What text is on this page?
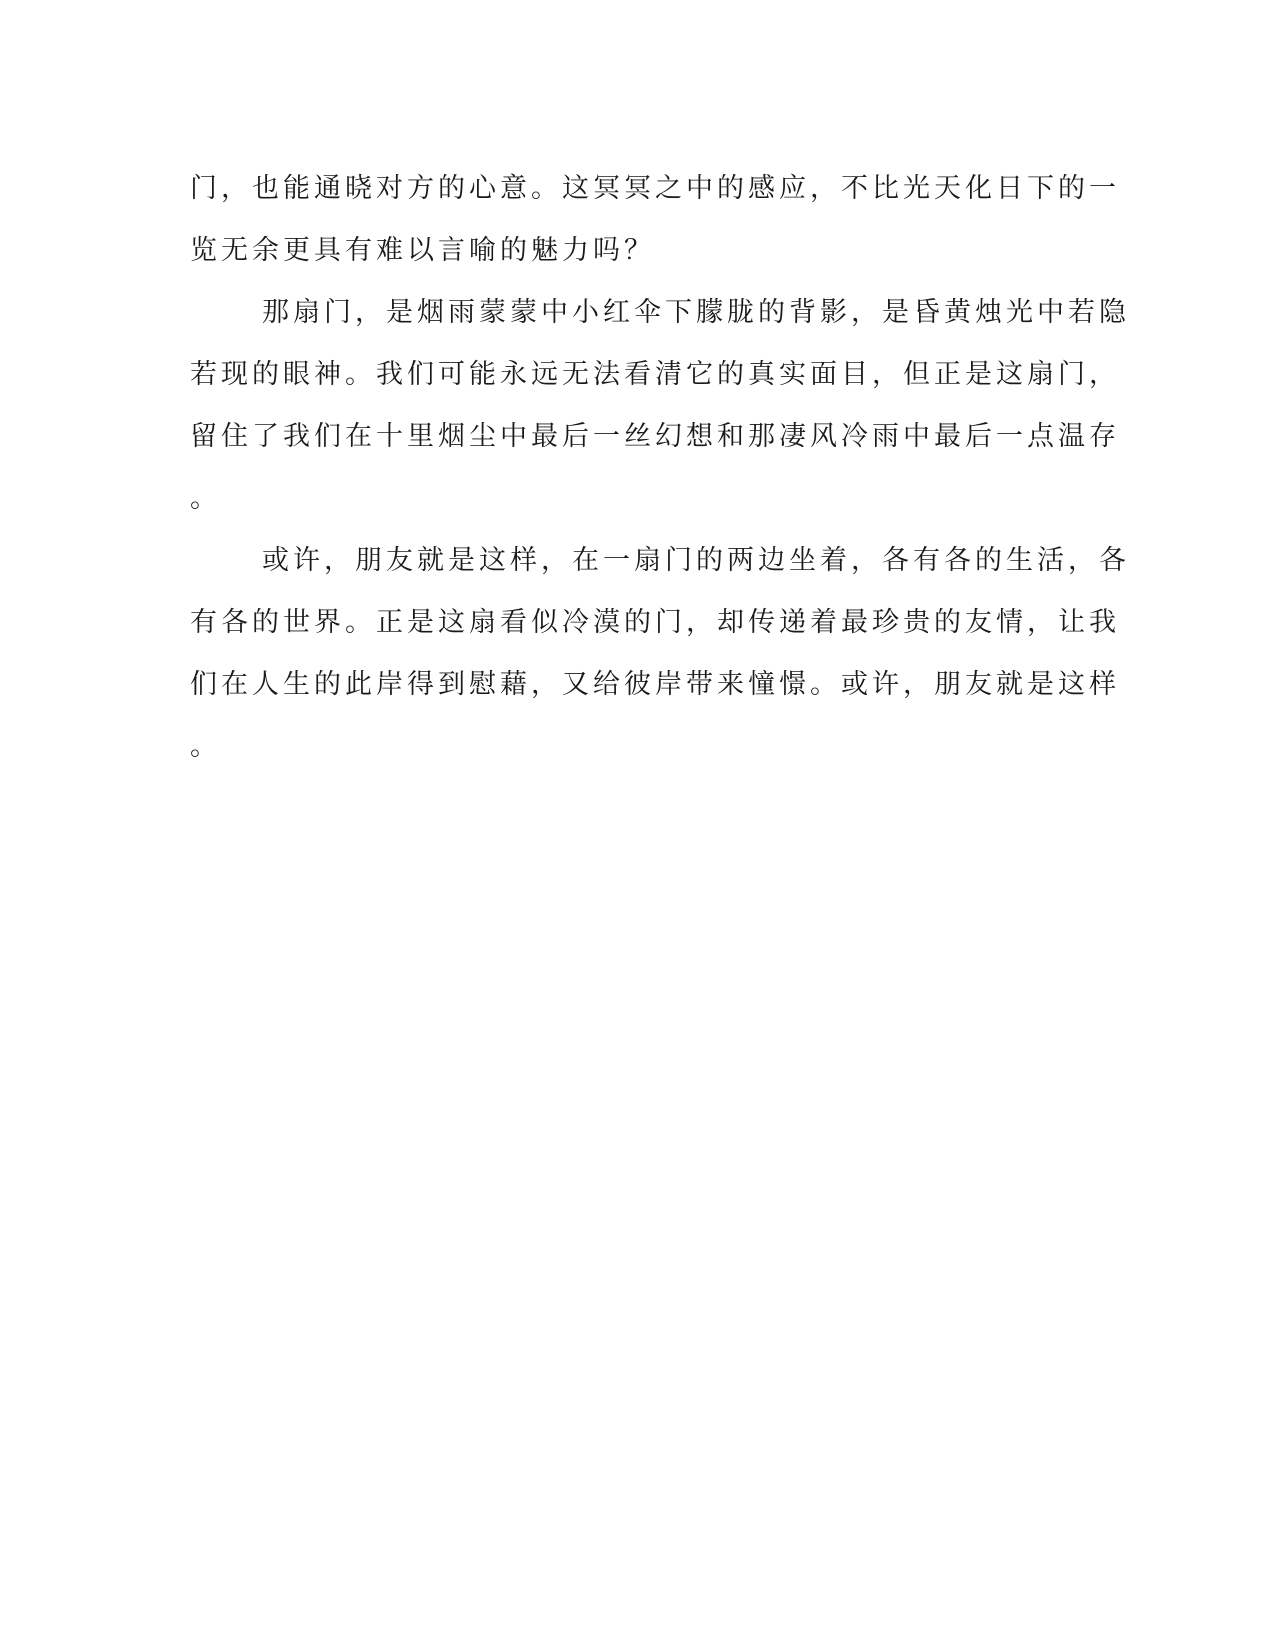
门，也能通晓对方的心意。这冥冥之中的感应，不比光天化日下的一
览无余更具有难以言喻的魅力吗？
那扇门，是烟雨蒙蒙中小红伞下朦胧的背影，是昏黄烛光中若隐
若现的眼神。我们可能永远无法看清它的真实面目，但正是这扇门，
留住了我们在十里烟尘中最后一丝幻想和那凄风冷雨中最后一点温存
。
或许，朋友就是这样，在一扇门的两边坐着，各有各的生活，各
有各的世界。正是这扇看似冷漠的门，却传递着最珍贵的友情，让我
们在人生的此岸得到慰藉，又给彼岸带来憧憬。或许，朋友就是这样
。
